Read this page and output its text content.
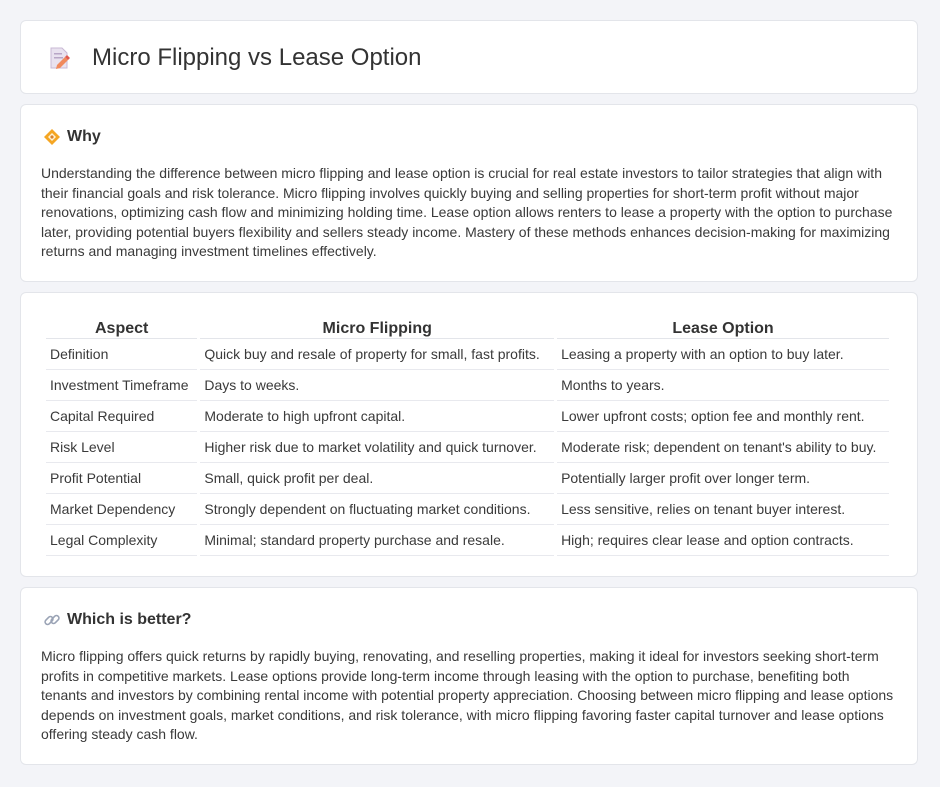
Micro Flipping vs Lease Option
Why

Understanding the difference between micro flipping and lease option is crucial for real estate investors to tailor strategies that align with their financial goals and risk tolerance. Micro flipping involves quickly buying and selling properties for short-term profit without major renovations, optimizing cash flow and minimizing holding time. Lease option allows renters to lease a property with the option to purchase later, providing potential buyers flexibility and sellers steady income. Mastery of these methods enhances decision-making for maximizing returns and managing investment timelines effectively.

Aspect	Micro Flipping	Lease Option
Definition	Quick buy and resale of property for small, fast profits.	Leasing a property with an option to buy later.
Investment Timeframe	Days to weeks.	Months to years.
Capital Required	Moderate to high upfront capital.	Lower upfront costs; option fee and monthly rent.
Risk Level	Higher risk due to market volatility and quick turnover.	Moderate risk; dependent on tenant's ability to buy.
Profit Potential	Small, quick profit per deal.	Potentially larger profit over longer term.
Market Dependency	Strongly dependent on fluctuating market conditions.	Less sensitive, relies on tenant buyer interest.
Legal Complexity	Minimal; standard property purchase and resale.	High; requires clear lease and option contracts.
Which is better?

Micro flipping offers quick returns by rapidly buying, renovating, and reselling properties, making it ideal for investors seeking short-term profits in competitive markets. Lease options provide long-term income through leasing with the option to purchase, benefiting both tenants and investors by combining rental income with potential property appreciation. Choosing between micro flipping and lease options depends on investment goals, market conditions, and risk tolerance, with micro flipping favoring faster capital turnover and lease options offering steady cash flow.
